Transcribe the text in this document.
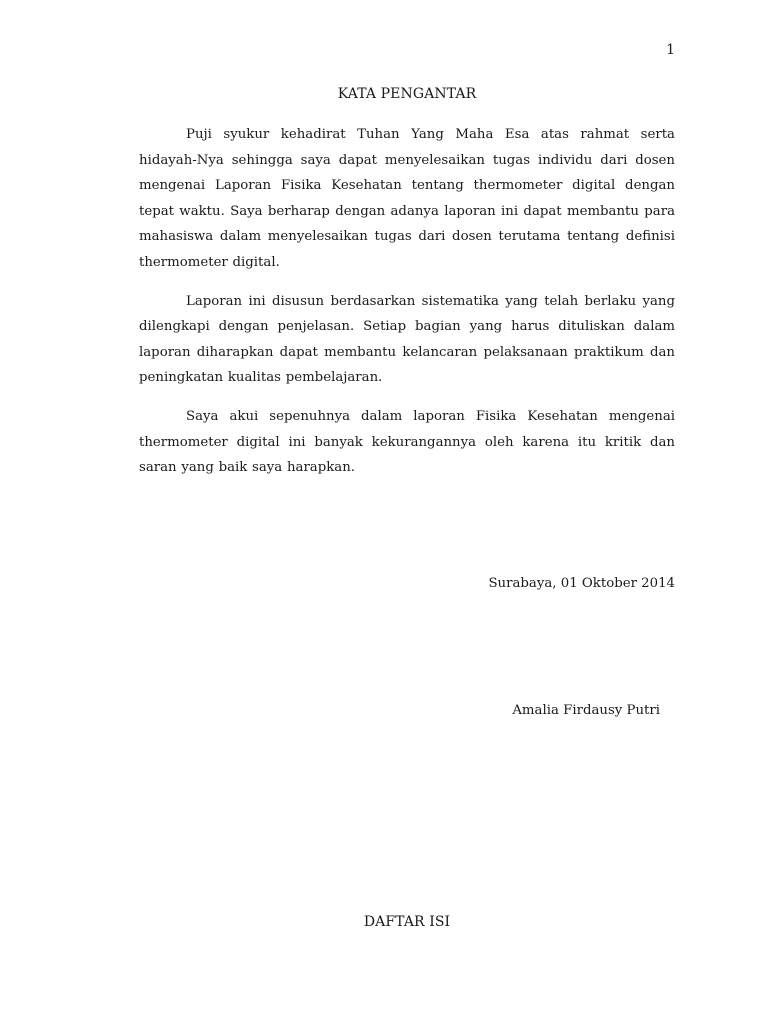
1
KATA PENGANTAR

Puji syukur kehadirat Tuhan Yang Maha Esa atas rahmat serta hidayah-Nya sehingga saya dapat menyelesaikan tugas individu dari dosen mengenai Laporan Fisika Kesehatan tentang thermometer digital dengan tepat waktu. Saya berharap dengan adanya laporan ini dapat membantu para mahasiswa dalam menyelesaikan tugas dari dosen terutama tentang definisi thermometer digital.

Laporan ini disusun berdasarkan sistematika yang telah berlaku yang dilengkapi dengan penjelasan. Setiap bagian yang harus dituliskan dalam laporan diharapkan dapat membantu kelancaran pelaksanaan praktikum dan peningkatan kualitas pembelajaran.

Saya akui sepenuhnya dalam laporan Fisika Kesehatan mengenai thermometer digital ini banyak kekurangannya oleh karena itu kritik dan saran yang baik saya harapkan.

Surabaya, 01 Oktober 2014
Amalia Firdausy Putri
DAFTAR ISI
